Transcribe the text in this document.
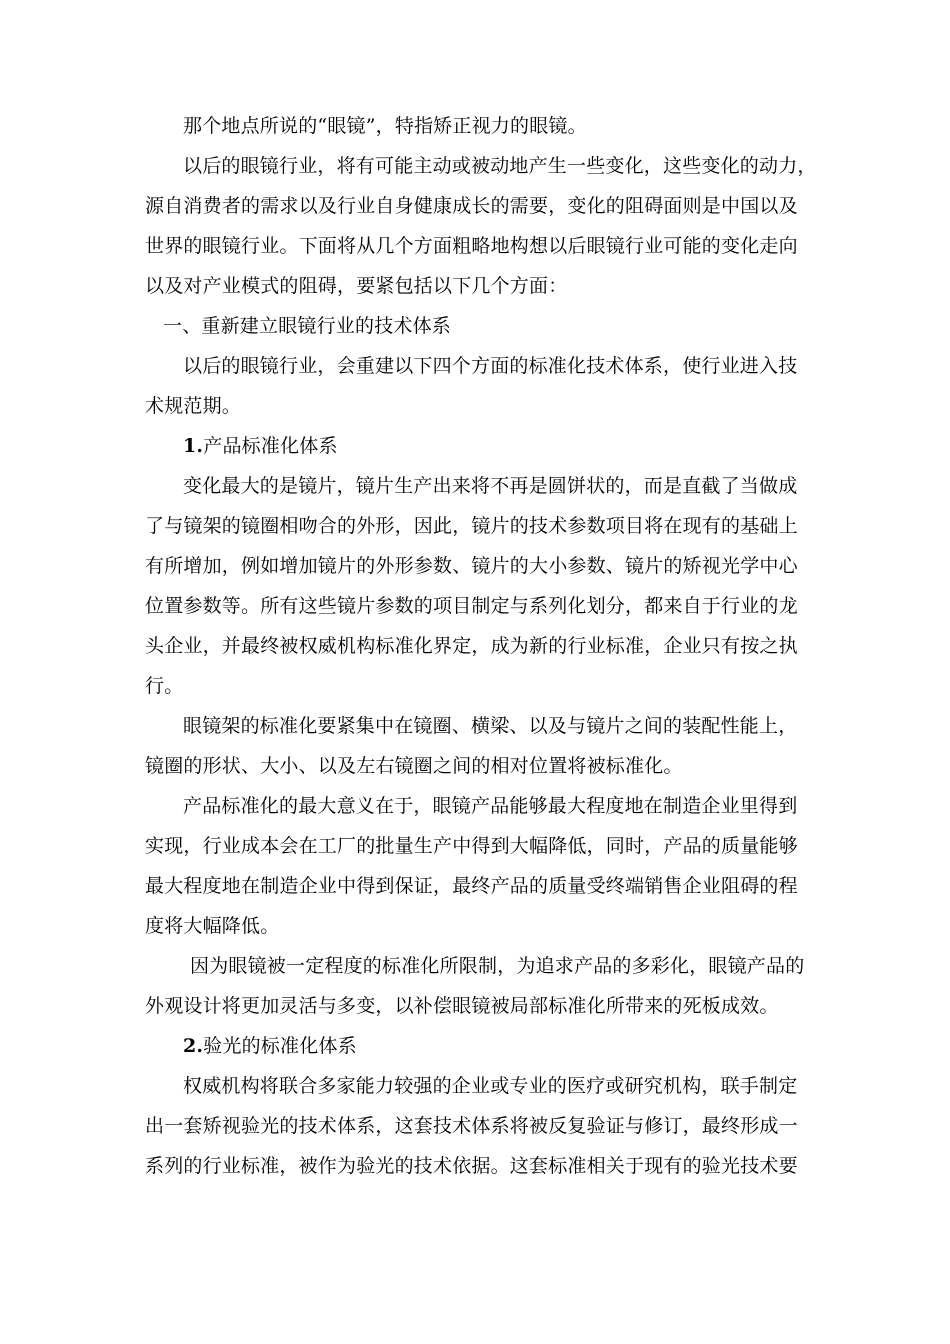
那个地点所说的“眼镜”，特指矫正视力的眼镜。
以后的眼镜行业，将有可能主动或被动地产生一些变化，这些变化的动力，
源自消费者的需求以及行业自身健康成长的需要，变化的阻碍面则是中国以及
世界的眼镜行业。下面将从几个方面粗略地构想以后眼镜行业可能的变化走向
以及对产业模式的阻碍，要紧包括以下几个方面：
一、重新建立眼镜行业的技术体系
以后的眼镜行业，会重建以下四个方面的标准化技术体系，使行业进入技
术规范期。
1.产品标准化体系
变化最大的是镜片，镜片生产出来将不再是圆饼状的，而是直截了当做成
了与镜架的镜圈相吻合的外形，因此，镜片的技术参数项目将在现有的基础上
有所增加，例如增加镜片的外形参数、镜片的大小参数、镜片的矫视光学中心
位置参数等。所有这些镜片参数的项目制定与系列化划分，都来自于行业的龙
头企业，并最终被权威机构标准化界定，成为新的行业标准，企业只有按之执
行。
眼镜架的标准化要紧集中在镜圈、横梁、以及与镜片之间的装配性能上，
镜圈的形状、大小、以及左右镜圈之间的相对位置将被标准化。
产品标准化的最大意义在于，眼镜产品能够最大程度地在制造企业里得到
实现，行业成本会在工厂的批量生产中得到大幅降低，同时，产品的质量能够
最大程度地在制造企业中得到保证，最终产品的质量受终端销售企业阻碍的程
度将大幅降低。
因为眼镜被一定程度的标准化所限制，为追求产品的多彩化，眼镜产品的
外观设计将更加灵活与多变，以补偿眼镜被局部标准化所带来的死板成效。
2.验光的标准化体系
权威机构将联合多家能力较强的企业或专业的医疗或研究机构，联手制定
出一套矫视验光的技术体系，这套技术体系将被反复验证与修订，最终形成一
系列的行业标准，被作为验光的技术依据。这套标准相关于现有的验光技术要
